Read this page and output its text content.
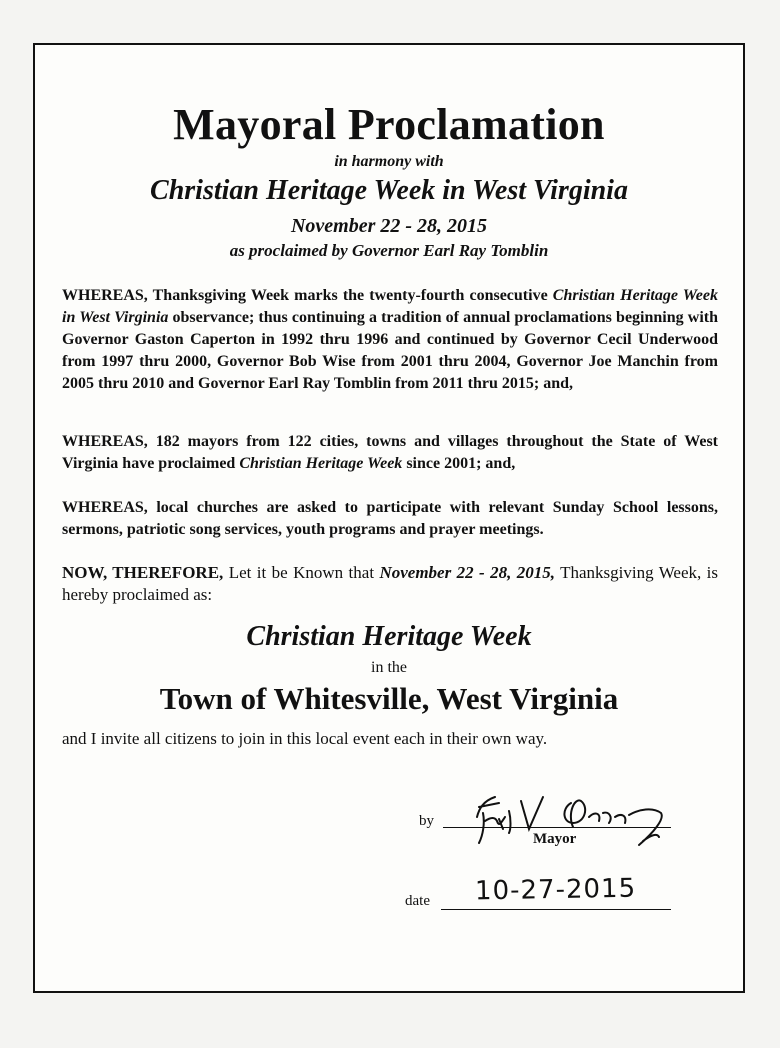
Mayoral Proclamation
in harmony with
Christian Heritage Week in West Virginia
November 22 - 28, 2015
as proclaimed by Governor Earl Ray Tomblin
WHEREAS, Thanksgiving Week marks the twenty-fourth consecutive Christian Heritage Week in West Virginia observance; thus continuing a tradition of annual proclamations beginning with Governor Gaston Caperton in 1992 thru 1996 and continued by Governor Cecil Underwood from 1997 thru 2000, Governor Bob Wise from 2001 thru 2004, Governor Joe Manchin from 2005 thru 2010 and Governor Earl Ray Tomblin from 2011 thru 2015; and,
WHEREAS, 182 mayors from 122 cities, towns and villages throughout the State of West Virginia have proclaimed Christian Heritage Week since 2001; and,
WHEREAS, local churches are asked to participate with relevant Sunday School lessons, sermons, patriotic song services, youth programs and prayer meetings.
NOW, THEREFORE, Let it be Known that November 22 - 28, 2015, Thanksgiving Week, is hereby proclaimed as:
Christian Heritage Week
in the
Town of Whitesville, West Virginia
and I invite all citizens to join in this local event each in their own way.
by
Mayor
date 10-27-2015
